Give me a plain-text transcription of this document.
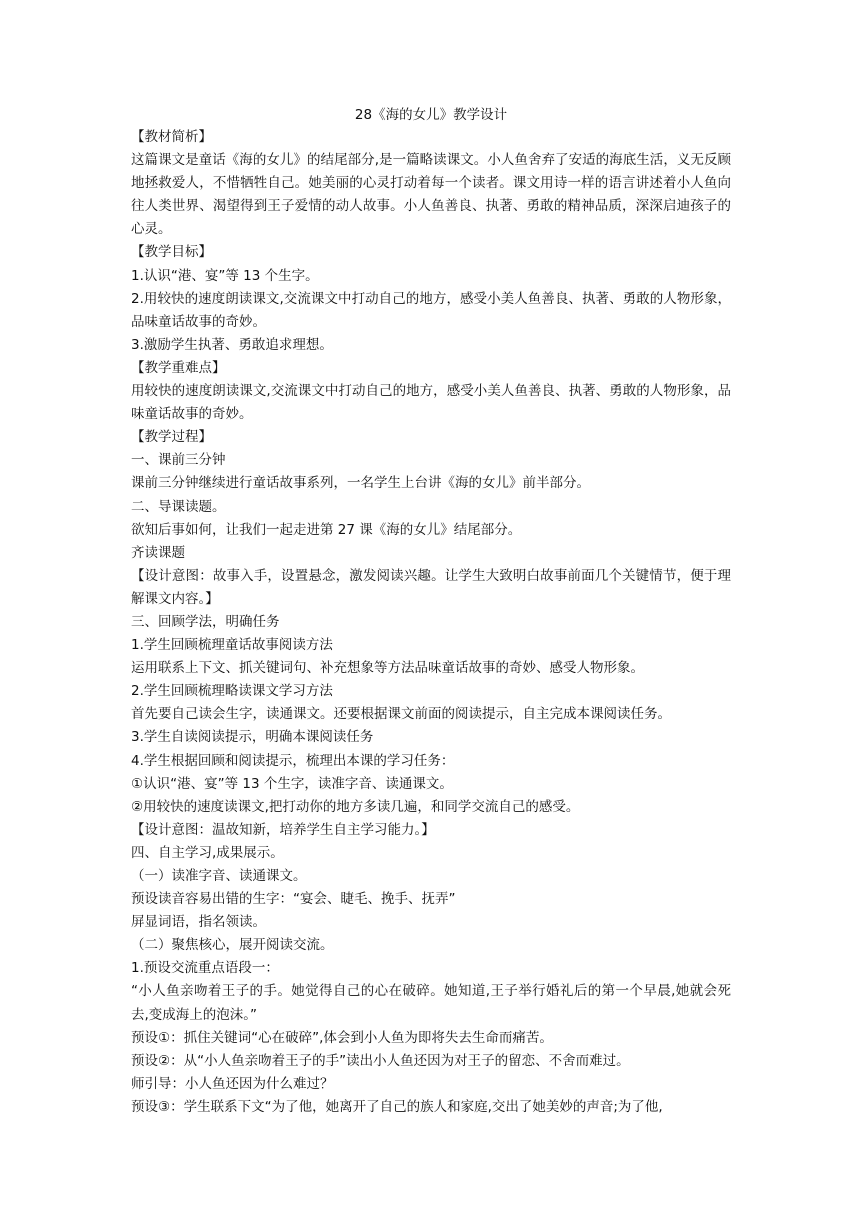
28《海的女儿》教学设计
【教材简析】
这篇课文是童话《海的女儿》的结尾部分,是一篇略读课文。小人鱼舍弃了安适的海底生活，义无反顾地拯救爱人，不惜牺牲自己。她美丽的心灵打动着每一个读者。课文用诗一样的语言讲述着小人鱼向往人类世界、渴望得到王子爱情的动人故事。小人鱼善良、执著、勇敢的精神品质，深深启迪孩子的心灵。
【教学目标】
1.认识“港、宴”等 13 个生字。
2.用较快的速度朗读课文,交流课文中打动自己的地方，感受小美人鱼善良、执著、勇敢的人物形象，品味童话故事的奇妙。
3.激励学生执著、勇敢追求理想。
【教学重难点】
用较快的速度朗读课文,交流课文中打动自己的地方，感受小美人鱼善良、执著、勇敢的人物形象，品味童话故事的奇妙。
【教学过程】
一、课前三分钟
课前三分钟继续进行童话故事系列，一名学生上台讲《海的女儿》前半部分。
二、导课读题。
欲知后事如何，让我们一起走进第 27 课《海的女儿》结尾部分。
齐读课题
【设计意图：故事入手，设置悬念，激发阅读兴趣。让学生大致明白故事前面几个关键情节，便于理解课文内容。】
三、回顾学法，明确任务
1.学生回顾梳理童话故事阅读方法
运用联系上下文、抓关键词句、补充想象等方法品味童话故事的奇妙、感受人物形象。
2.学生回顾梳理略读课文学习方法
首先要自己读会生字，读通课文。还要根据课文前面的阅读提示，自主完成本课阅读任务。
3.学生自读阅读提示，明确本课阅读任务
4.学生根据回顾和阅读提示，梳理出本课的学习任务：
①认识“港、宴”等 13 个生字，读准字音、读通课文。
②用较快的速度读课文,把打动你的地方多读几遍，和同学交流自己的感受。
【设计意图：温故知新，培养学生自主学习能力。】
四、自主学习,成果展示。
（一）读准字音、读通课文。
预设读音容易出错的生字：“宴会、睫毛、挽手、抚弄”
屏显词语，指名领读。
（二）聚焦核心，展开阅读交流。
1.预设交流重点语段一：
“小人鱼亲吻着王子的手。她觉得自己的心在破碎。她知道,王子举行婚礼后的第一个早晨,她就会死去,变成海上的泡沫。”
预设①：抓住关键词“心在破碎”,体会到小人鱼为即将失去生命而痛苦。
预设②：从“小人鱼亲吻着王子的手”读出小人鱼还因为对王子的留恋、不舍而难过。
师引导：小人鱼还因为什么难过？
预设③：学生联系下文“为了他，她离开了自己的族人和家庭,交出了她美妙的声音;为了他,
